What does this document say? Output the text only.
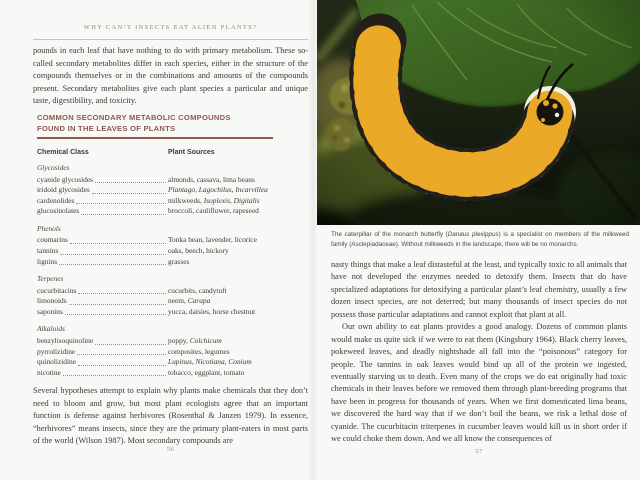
WHY CAN’T INSECTS EAT ALIEN PLANTS?
pounds in each leaf that have nothing to do with primary metabolism. These so-called secondary metabolites differ in each species, either in the structure of the compounds themselves or in the combinations and amounts of the compounds present. Secondary metabolites give each plant species a particular and unique taste, digestibility, and toxicity.
COMMON SECONDARY METABOLIC COMPOUNDS
FOUND IN THE LEAVES OF PLANTS
Chemical Class	Plant Sources
Glycosides
cyanide glycosides	almonds, cassava, lima beans
iridoid glycosides	Plantago, Lagochilus, Incarvillea
cardenolides	milkweeds, Isoplexis, Digitalis
glucosinolates	broccoli, cauliflower, rapeseed
Phenols
coumarins	Tonka bean, lavender, licorice
tannins	oaks, beech, hickory
lignins	grasses
Terpenes
cucurbitacins	cucurbits, candytuft
limonoids	neem, Carapa
saponins	yucca, daisies, horse chestnut
Alkaloids
benzylisoquinoline	poppy, Colchicum
pyrrolizidine	composites, legumes
quinolizidine	Lupinus, Nicotiana, Conium
nicotine	tobacco, eggplant, tomato
Several hypotheses attempt to explain why plants make chemicals that they don’t need to bloom and grow, but most plant ecologists agree that an important function is defense against herbivores (Rosenthal & Janzen 1979). In essence, “herbivores” means insects, since they are the primary plant-eaters in most parts of the world (Wilson 1987). Most secondary compounds are
56
The caterpillar of the monarch butterfly (Danaus plexippus) is a specialist on members of the milkweed family (Asclepiadaceae). Without milkweeds in the landscape, there will be no monarchs.

nasty things that make a leaf distasteful at the least, and typically toxic to all animals that have not developed the enzymes needed to detoxify them. Insects that do have specialized adaptations for detoxifying a particular plant’s leaf chemistry, usually a few dozen insect species, are not deterred; but many thousands of insect species do not possess those particular adaptations and cannot exploit that plant at all.

Our own ability to eat plants provides a good analogy. Dozens of common plants would make us quite sick if we were to eat them (Kingsbury 1964). Black cherry leaves, pokeweed leaves, and deadly nightshade all fall into the “poisonous” category for people. The tannins in oak leaves would bind up all of the protein we ingested, eventually starving us to death. Even many of the crops we do eat originally had toxic chemicals in their leaves before we removed them through plant-breeding programs that have been in progress for thousands of years. When we first domesticated lima beans, we discovered the hard way that if we don’t boil the beans, we risk a lethal dose of cyanide. The cucurbitacin triterpenes in cucumber leaves would kill us in short order if we could choke them down. And we all know the consequences of

57
